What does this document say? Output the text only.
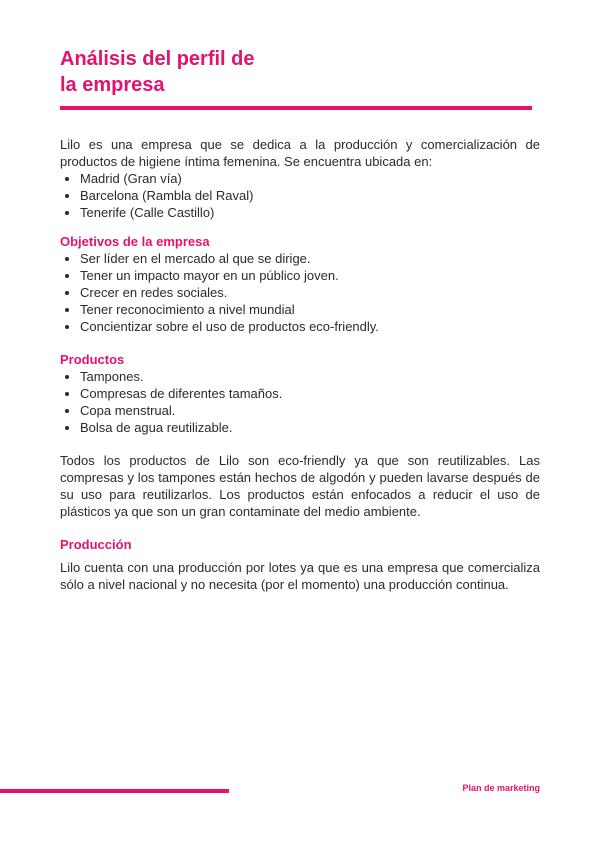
Análisis del perfil de
la empresa

Lilo es una empresa que se dedica a la producción y comercialización de productos de higiene íntima femenina. Se encuentra ubicada en:

• Madrid (Gran vía)
• Barcelona (Rambla del Raval)
• Tenerife (Calle Castillo)
Objetivos de la empresa
• Ser líder en el mercado al que se dirige.
• Tener un impacto mayor en un público joven.
• Crecer en redes sociales.
• Tener reconocimiento a nivel mundial
• Concientizar sobre el uso de productos eco-friendly.
Productos
• Tampones.
• Compresas de diferentes tamaños.
• Copa menstrual.
• Bolsa de agua reutilizable.

Todos los productos de Lilo son eco-friendly ya que son reutilizables. Las compresas y los tampones están hechos de algodón y pueden lavarse después de su uso para reutilizarlos. Los productos están enfocados a reducir el uso de plásticos ya que son un gran contaminate del medio ambiente.

Producción

Lilo cuenta con una producción por lotes ya que es una empresa que comercializa sólo a nivel nacional y no necesita (por el momento) una producción continua.

Plan de marketing
